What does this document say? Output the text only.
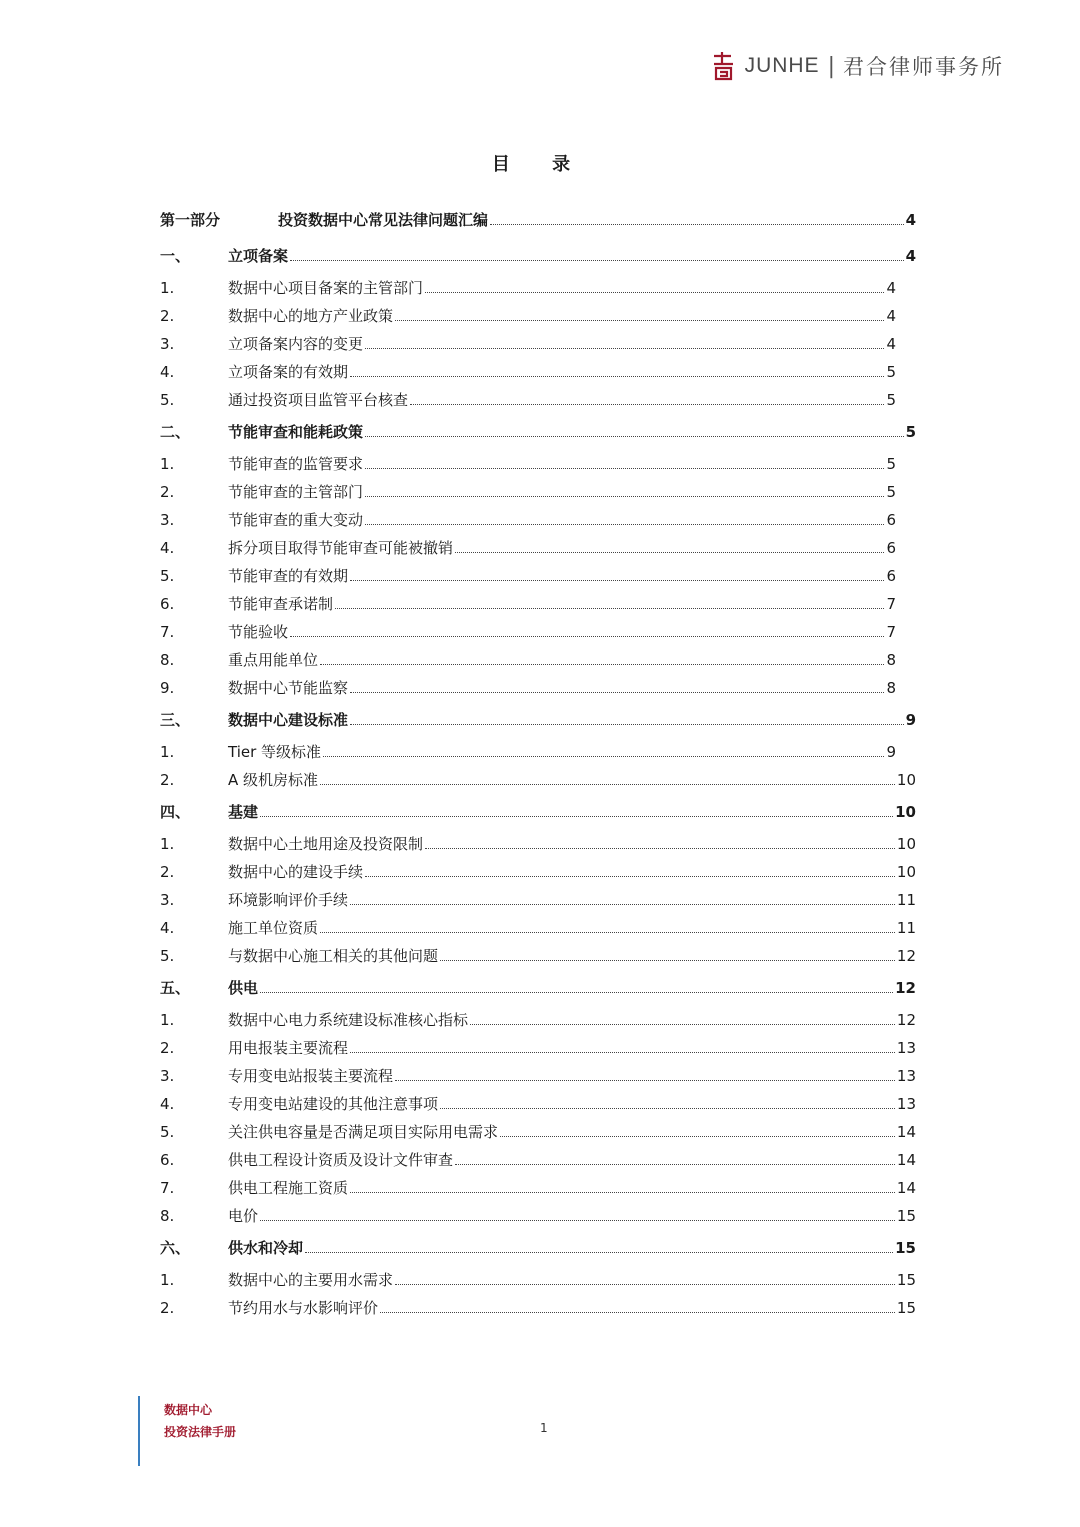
JUNHE | 君合律师事务所
目 录
第一部分	投资数据中心常见法律问题汇编	4
一、	立项备案	4
1.	数据中心项目备案的主管部门	4
2.	数据中心的地方产业政策	4
3.	立项备案内容的变更	4
4.	立项备案的有效期	5
5.	通过投资项目监管平台核查	5
二、	节能审查和能耗政策	5
1.	节能审查的监管要求	5
2.	节能审查的主管部门	5
3.	节能审查的重大变动	6
4.	拆分项目取得节能审查可能被撤销	6
5.	节能审查的有效期	6
6.	节能审查承诺制	7
7.	节能验收	7
8.	重点用能单位	8
9.	数据中心节能监察	8
三、	数据中心建设标准	9
1.	Tier 等级标准	9
2.	A 级机房标准	10
四、	基建	10
1.	数据中心土地用途及投资限制	10
2.	数据中心的建设手续	10
3.	环境影响评价手续	11
4.	施工单位资质	11
5.	与数据中心施工相关的其他问题	12
五、	供电	12
1.	数据中心电力系统建设标准核心指标	12
2.	用电报装主要流程	13
3.	专用变电站报装主要流程	13
4.	专用变电站建设的其他注意事项	13
5.	关注供电容量是否满足项目实际用电需求	14
6.	供电工程设计资质及设计文件审查	14
7.	供电工程施工资质	14
8.	电价	15
六、	供水和冷却	15
1.	数据中心的主要用水需求	15
2.	节约用水与水影响评价	15
数据中心
投资法律手册	1
